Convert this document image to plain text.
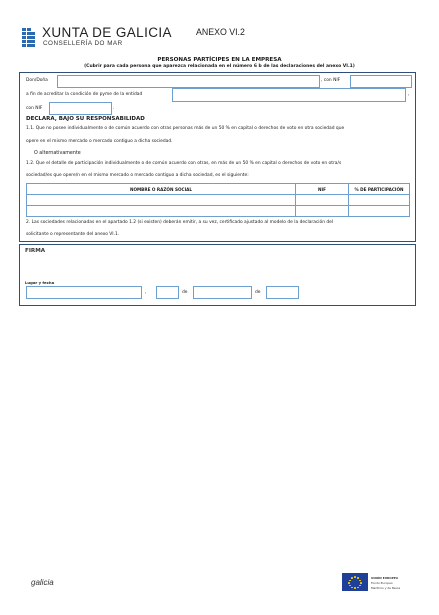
XUNTA DE GALICIA
CONSELLERÍA DO MAR
ANEXO VI.2
PERSONAS PARTÍCIPES EN LA EMPRESA
(Cubrir para cada persona que aparezca relacionada en el número 6 b de las declaraciones del anexo VI.1)
Don/Doña	, con NIF
a fin de acreditar la condición de pyme de la entidad	,
con NIF	.
DECLARA, BAJO SU RESPONSABILIDAD
1.1. Que no posee individualmente o de común acuerdo con otras personas más de un 50 % en capital o derechos de voto en otra sociedad que
opere en el mismo mercado o mercado contiguo a dicha sociedad.
O alternativamente
1.2. Que el detalle de participación individualmente o de común acuerdo con otras, en más de un 50 % en capital o derechos de voto en otra/s
sociedad/es que opere/n en el mismo mercado o mercado contiguo a dicha sociedad, es el siguiente:
NOMBRE O RAZÓN SOCIAL	NIF	% DE PARTICIPACIÓN

2. Las sociedades relacionadas en el apartado 1.2 (si existen) deberán emitir, a su vez, certificado ajustado al modelo de la declaración del
solicitante o representante del anexo VI.1.
FIRMA
Lugar y fecha
,	de	de
galicia	UNIÓN EUROPEA
Fondo Europeo
Marítimo y de Pesca
